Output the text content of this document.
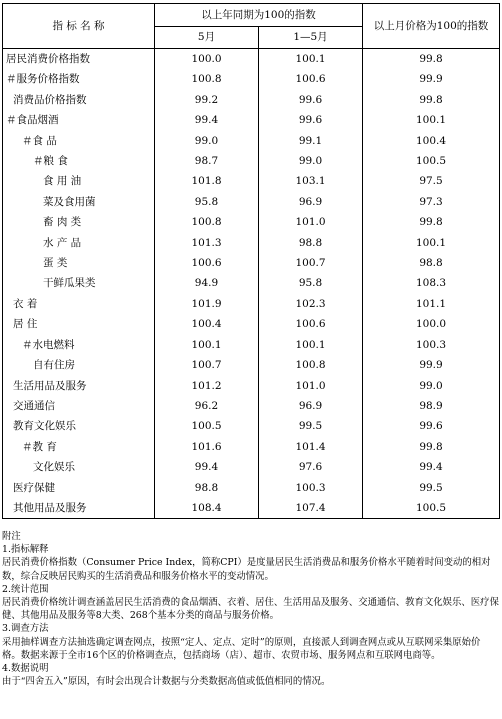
指 标 名 称	以上年同期为100的指数		以上月价格为100的指数
	5月	1—5月	
居民消费价格指数	100.0	100.1	99.8
＃服务价格指数	100.8	100.6	99.9
消费品价格指数	99.2	99.6	99.8
＃食品烟酒	99.4	99.6	100.1
＃食 品	99.0	99.1	100.4
＃粮 食	98.7	99.0	100.5
食 用 油	101.8	103.1	97.5
菜及食用菌	95.8	96.9	97.3
畜 肉 类	100.8	101.0	99.8
水 产 品	101.3	98.8	100.1
蛋 类	100.6	100.7	98.8
干鲜瓜果类	94.9	95.8	108.3
衣 着	101.9	102.3	101.1
居 住	100.4	100.6	100.0
＃水电燃料	100.1	100.1	100.3
自有住房	100.7	100.8	99.9
生活用品及服务	101.2	101.0	99.0
交通通信	96.2	96.9	98.9
教育文化娱乐	100.5	99.5	99.6
＃教 育	101.6	101.4	99.8
文化娱乐	99.4	97.6	99.4
医疗保健	98.8	100.3	99.5
其他用品及服务	108.4	107.4	100.5

附注

1.指标解释

居民消费价格指数（Consumer Price Index，简称CPI）是度量居民生活消费品和服务价格水平随着时间变动的相对数，综合反映居民购买的生活消费品和服务价格水平的变动情况。

2.统计范围

居民消费价格统计调查涵盖居民生活消费的食品烟酒、衣着、居住、生活用品及服务、交通通信、教育文化娱乐、医疗保健、其他用品及服务等8大类、268个基本分类的商品与服务价格。

3.调查方法

采用抽样调查方法抽选确定调查网点，按照“定人、定点、定时”的原则，直接派人到调查网点或从互联网采集原始价格。数据来源于全市16个区的价格调查点，包括商场（店）、超市、农贸市场、服务网点和互联网电商等。

4.数据说明

由于“四舍五入”原因，有时会出现合计数据与分类数据高值或低值相同的情况。
